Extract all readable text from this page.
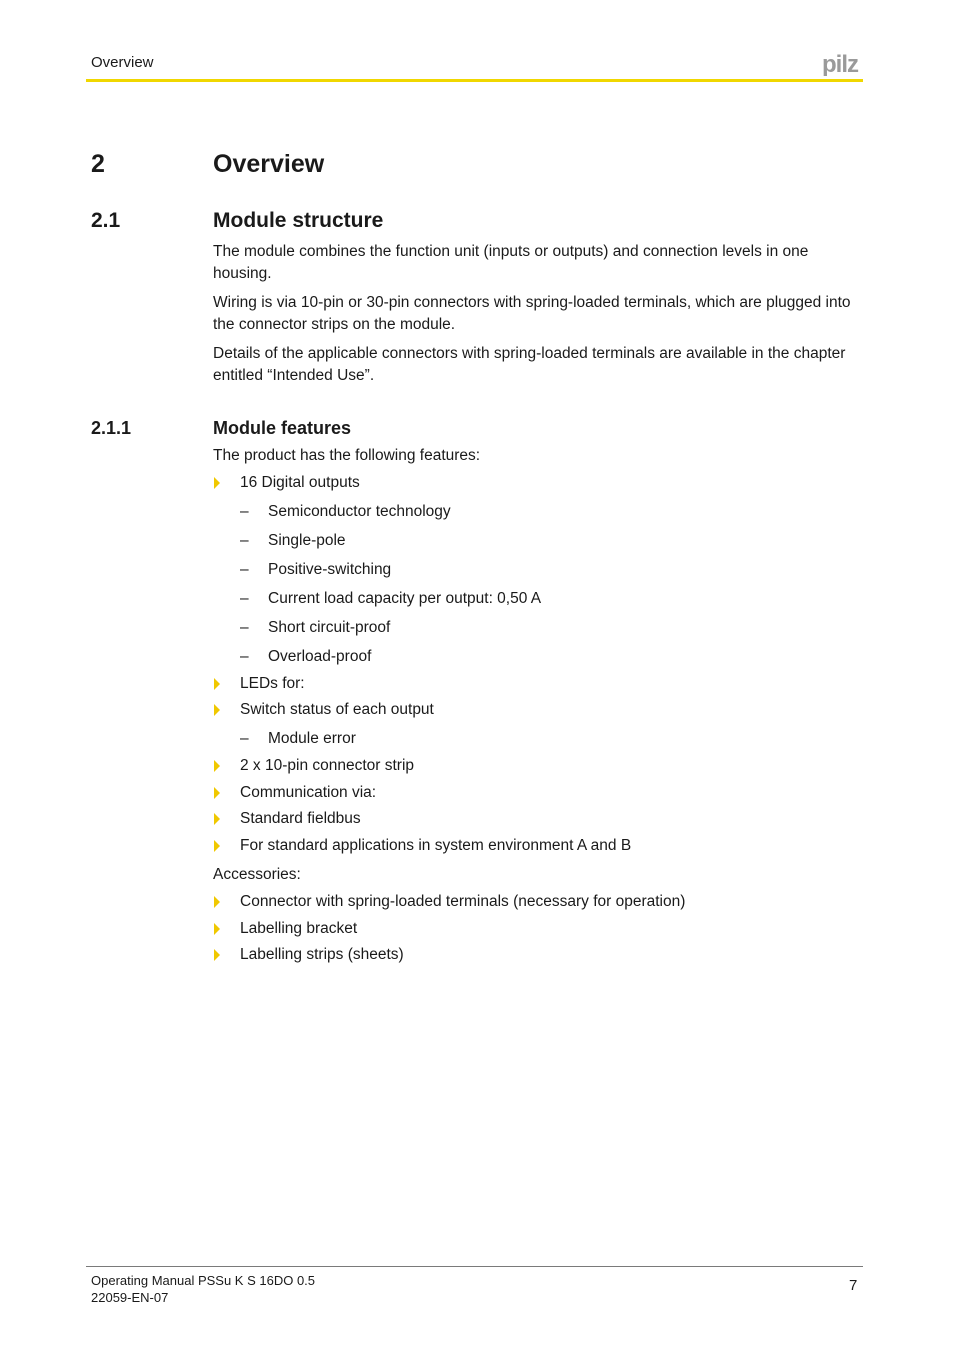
Overview	pilz
2	Overview
2.1	Module structure
The module combines the function unit (inputs or outputs) and connection levels in one housing.
Wiring is via 10-pin or 30-pin connectors with spring-loaded terminals, which are plugged into the connector strips on the module.
Details of the applicable connectors with spring-loaded terminals are available in the chapter entitled “Intended Use”.
2.1.1	Module features
The product has the following features:
16 Digital outputs
– Semiconductor technology
– Single-pole
– Positive-switching
– Current load capacity per output: 0,50 A
– Short circuit-proof
– Overload-proof
LEDs for:
Switch status of each output
– Module error
2 x 10-pin connector strip
Communication via:
Standard fieldbus
For standard applications in system environment A and B
Accessories:
Connector with spring-loaded terminals (necessary for operation)
Labelling bracket
Labelling strips (sheets)
Operating Manual PSSu K S 16DO 0.5
22059-EN-07
7
